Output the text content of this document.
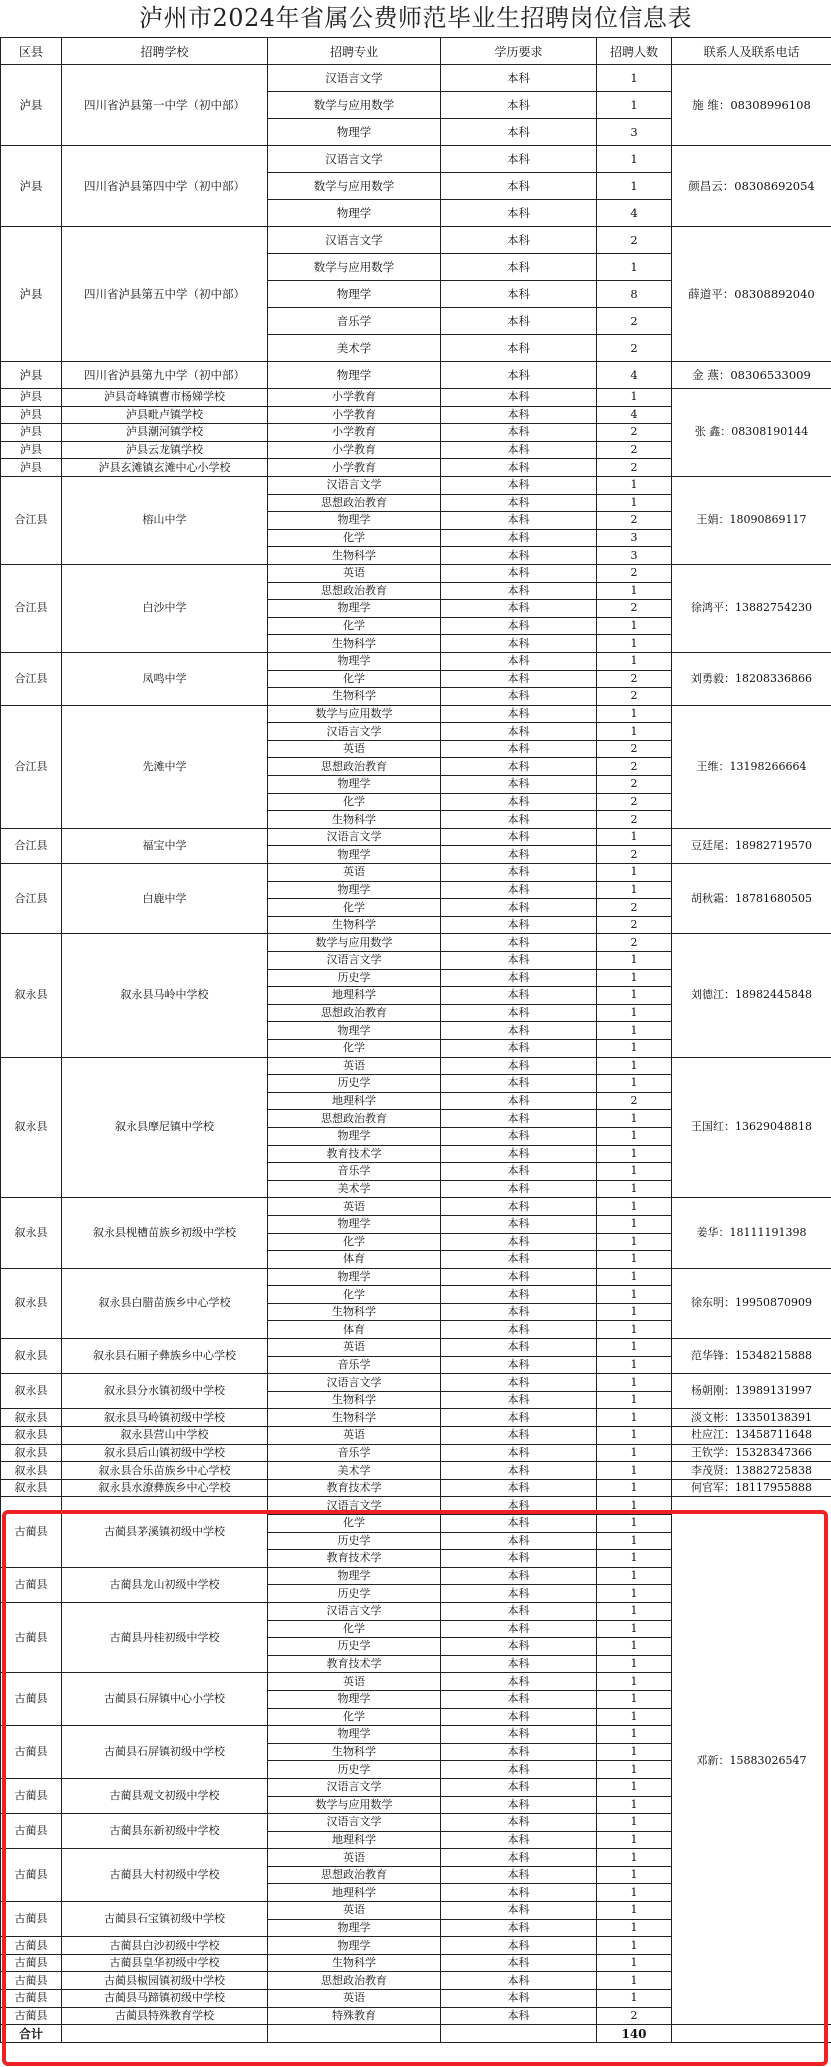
泸州市2024年省属公费师范毕业生招聘岗位信息表
区县	招聘学校	招聘专业	学历要求	招聘人数	联系人及联系电话
泸县	四川省泸县第一中学（初中部）	汉语言文学	本科	1	施 维：08308996108
		数学与应用数学	本科	1	
		物理学	本科	3	
泸县	四川省泸县第四中学（初中部）	汉语言文学	本科	1	颜昌云：08308692054
		数学与应用数学	本科	1	
		物理学	本科	4	
泸县	四川省泸县第五中学（初中部）	汉语言文学	本科	2	薛道平：08308892040
		数学与应用数学	本科	1	
		物理学	本科	8	
		音乐学	本科	2	
		美术学	本科	2	
泸县	四川省泸县第九中学（初中部）	物理学	本科	4	金 燕：08306533009
泸县	泸县奇峰镇曹市杨娣学校	小学教育	本科	1	张 鑫：08308190144
泸县	泸县毗卢镇学校	小学教育	本科	4	
泸县	泸县潮河镇学校	小学教育	本科	2	
泸县	泸县云龙镇学校	小学教育	本科	2	
泸县	泸县玄滩镇玄滩中心小学校	小学教育	本科	2	
合江县	榕山中学	汉语言文学	本科	1	王娟：18090869117
		思想政治教育	本科	1	
		物理学	本科	2	
		化学	本科	3	
		生物科学	本科	3	
合江县	白沙中学	英语	本科	2	徐鸿平：13882754230
		思想政治教育	本科	1	
		物理学	本科	2	
		化学	本科	1	
		生物科学	本科	1	
合江县	凤鸣中学	物理学	本科	1	刘勇毅：18208336866
		化学	本科	2	
		生物科学	本科	2	
合江县	先滩中学	数学与应用数学	本科	1	王维：13198266664
		汉语言文学	本科	1	
		英语	本科	2	
		思想政治教育	本科	2	
		物理学	本科	2	
		化学	本科	2	
		生物科学	本科	2	
合江县	福宝中学	汉语言文学	本科	1	豆廷尾：18982719570
		物理学	本科	2	
合江县	白鹿中学	英语	本科	1	胡秋霜：18781680505
		物理学	本科	1	
		化学	本科	2	
		生物科学	本科	2	
叙永县	叙永县马岭中学校	数学与应用数学	本科	2	刘德江：18982445848
		汉语言文学	本科	1	
		历史学	本科	1	
		地理科学	本科	1	
		思想政治教育	本科	1	
		物理学	本科	1	
		化学	本科	1	
叙永县	叙永县摩尼镇中学校	英语	本科	1	王国红：13629048818
		历史学	本科	1	
		地理科学	本科	2	
		思想政治教育	本科	1	
		物理学	本科	1	
		教育技术学	本科	1	
		音乐学	本科	1	
		美术学	本科	1	
叙永县	叙永县枧槽苗族乡初级中学校	英语	本科	1	姜华：18111191398
		物理学	本科	1	
		化学	本科	1	
		体育	本科	1	
叙永县	叙永县白腊苗族乡中心学校	物理学	本科	1	徐东明：19950870909
		化学	本科	1	
		生物科学	本科	1	
		体育	本科	1	
叙永县	叙永县石厢子彝族乡中心学校	英语	本科	1	范华锋：15348215888
		音乐学	本科	1	
叙永县	叙永县分水镇初级中学校	汉语言文学	本科	1	杨朝刚：13989131997
		生物科学	本科	1	
叙永县	叙永县马岭镇初级中学校	生物科学	本科	1	淡文彬：13350138391
叙永县	叙永县营山中学校	英语	本科	1	杜应江：13458711648
叙永县	叙永县后山镇初级中学校	音乐学	本科	1	王钦学：15328347366
叙永县	叙永县合乐苗族乡中心学校	美术学	本科	1	李茂贤：13882725838
叙永县	叙永县水潦彝族乡中心学校	教育技术学	本科	1	何官军：18117955888
古蔺县	古蔺县茅溪镇初级中学校	汉语言文学	本科	1	邓新：15883026547
		化学	本科	1	
		历史学	本科	1	
		教育技术学	本科	1	
古蔺县	古蔺县龙山初级中学校	物理学	本科	1	
		历史学	本科	1	
古蔺县	古蔺县丹桂初级中学校	汉语言文学	本科	1	
		化学	本科	1	
		历史学	本科	1	
		教育技术学	本科	1	
古蔺县	古蔺县石屏镇中心小学校	英语	本科	1	
		物理学	本科	1	
		化学	本科	1	
古蔺县	古蔺县石屏镇初级中学校	物理学	本科	1	
		生物科学	本科	1	
		历史学	本科	1	
古蔺县	古蔺县观文初级中学校	汉语言文学	本科	1	
		数学与应用数学	本科	1	
古蔺县	古蔺县东新初级中学校	汉语言文学	本科	1	
		地理科学	本科	1	
古蔺县	古蔺县大村初级中学校	英语	本科	1	
		思想政治教育	本科	1	
		地理科学	本科	1	
古蔺县	古蔺县石宝镇初级中学校	英语	本科	1	
		物理学	本科	1	
古蔺县	古蔺县白沙初级中学校	物理学	本科	1	
古蔺县	古蔺县皇华初级中学校	生物科学	本科	1	
古蔺县	古蔺县椒园镇初级中学校	思想政治教育	本科	1	
古蔺县	古蔺县马蹄镇初级中学校	英语	本科	1	
古蔺县	古蔺县特殊教育学校	特殊教育	本科	2	
合计				140	
